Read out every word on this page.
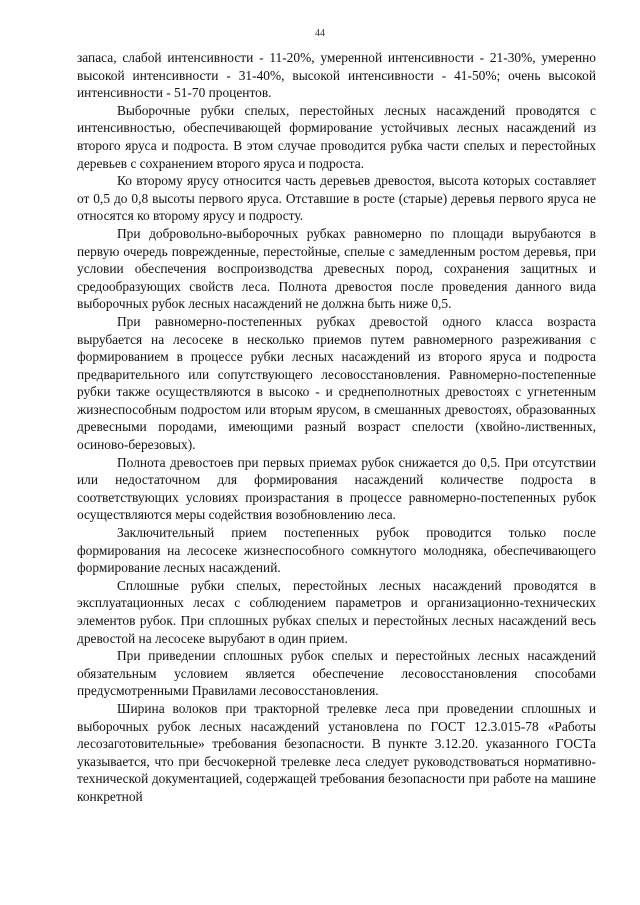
44

запаса, слабой интенсивности - 11-20%, умеренной интенсивности - 21-30%, умеренно высокой интенсивности - 31-40%, высокой интенсивности - 41-50%; очень высокой интенсивности - 51-70 процентов.

Выборочные рубки спелых, перестойных лесных насаждений проводятся с интенсивностью, обеспечивающей формирование устойчивых лесных насаждений из второго яруса и подроста. В этом случае проводится рубка части спелых и перестойных деревьев с сохранением второго яруса и подроста.

Ко второму ярусу относится часть деревьев древостоя, высота которых составляет от 0,5 до 0,8 высоты первого яруса. Отставшие в росте (старые) деревья первого яруса не относятся ко второму ярусу и подросту.

При добровольно-выборочных рубках равномерно по площади вырубаются в первую очередь поврежденные, перестойные, спелые с замедленным ростом деревья, при условии обеспечения воспроизводства древесных пород, сохранения защитных и средообразующих свойств леса. Полнота древостоя после проведения данного вида выборочных рубок лесных насаждений не должна быть ниже 0,5.

При равномерно-постепенных рубках древостой одного класса возраста вырубается на лесосеке в несколько приемов путем равномерного разреживания с формированием в процессе рубки лесных насаждений из второго яруса и подроста предварительного или сопутствующего лесовосстановления. Равномерно-постепенные рубки также осуществляются в высоко - и среднеполнотных древостоях с угнетенным жизнеспособным подростом или вторым ярусом, в смешанных древостоях, образованных древесными породами, имеющими разный возраст спелости (хвойно-лиственных, осиново-березовых).

Полнота древостоев при первых приемах рубок снижается до 0,5. При отсутствии или недостаточном для формирования насаждений количестве подроста в соответствующих условиях произрастания в процессе равномерно-постепенных рубок осуществляются меры содействия возобновлению леса.

Заключительный прием постепенных рубок проводится только после формирования на лесосеке жизнеспособного сомкнутого молодняка, обеспечивающего формирование лесных насаждений.

Сплошные рубки спелых, перестойных лесных насаждений проводятся в эксплуатационных лесах с соблюдением параметров и организационно-технических элементов рубок. При сплошных рубках спелых и перестойных лесных насаждений весь древостой на лесосеке вырубают в один прием.

При приведении сплошных рубок спелых и перестойных лесных насаждений обязательным условием является обеспечение лесовосстановления способами предусмотренными Правилами лесовосстановления.

Ширина волоков при тракторной трелевке леса при проведении сплошных и выборочных рубок лесных насаждений установлена по ГОСТ 12.3.015-78 «Работы лесозаготовительные» требования безопасности. В пункте 3.12.20. указанного ГОСТа указывается, что при бесчокерной трелевке леса следует руководствоваться нормативно-технической документацией, содержащей требования безопасности при работе на машине конкретной
